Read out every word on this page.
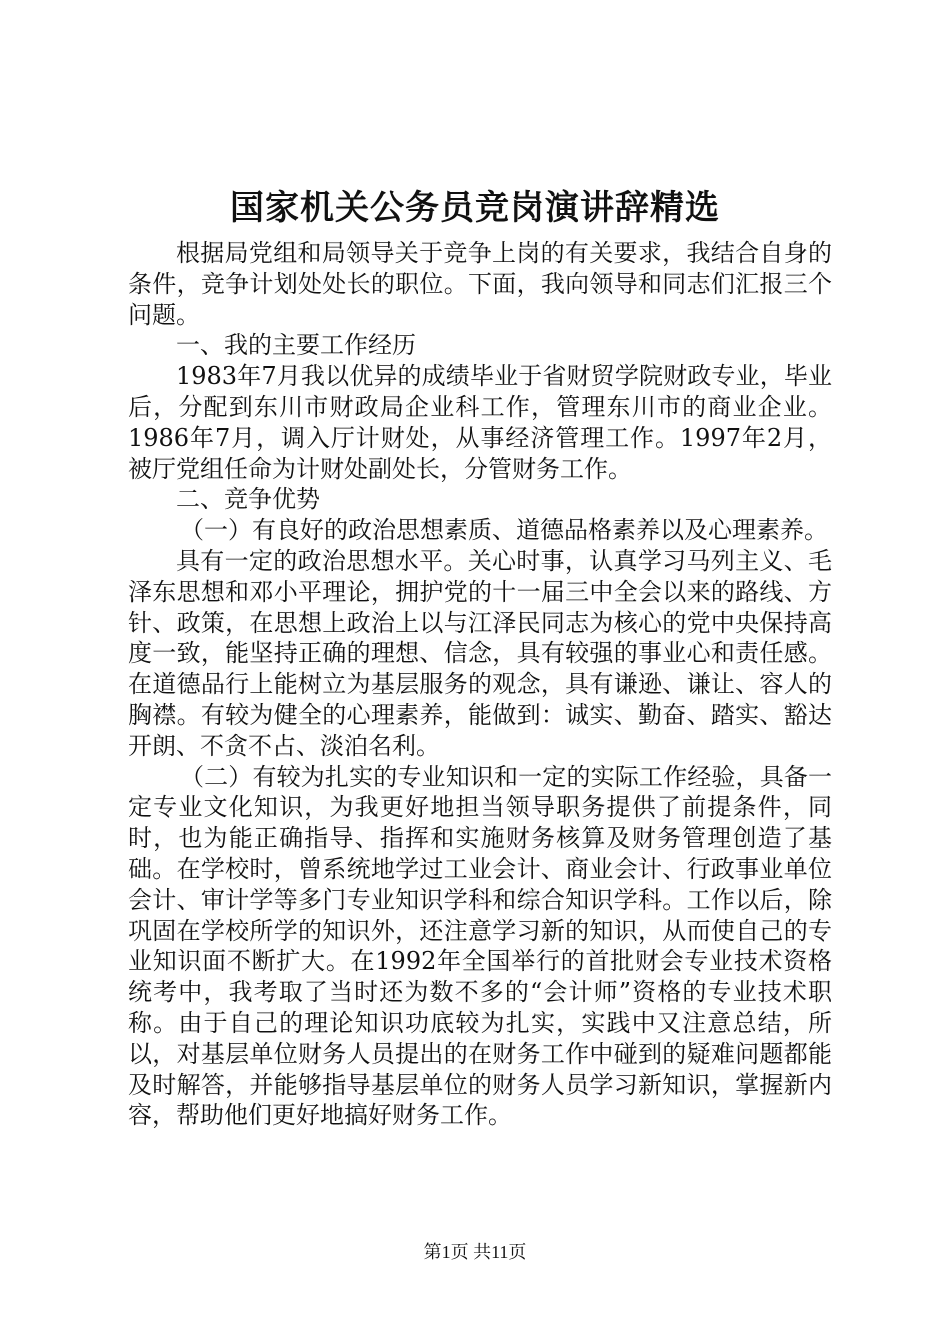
国家机关公务员竞岗演讲辞精选

根据局党组和局领导关于竞争上岗的有关要求，我结合自身的条件，竞争计划处处长的职位。下面，我向领导和同志们汇报三个问题。

一、我的主要工作经历

1983年7月我以优异的成绩毕业于省财贸学院财政专业，毕业后，分配到东川市财政局企业科工作，管理东川市的商业企业。1986年7月，调入厅计财处，从事经济管理工作。1997年2月，被厅党组任命为计财处副处长，分管财务工作。

二、竞争优势

（一）有良好的政治思想素质、道德品格素养以及心理素养。

具有一定的政治思想水平。关心时事，认真学习马列主义、毛泽东思想和邓小平理论，拥护党的十一届三中全会以来的路线、方针、政策，在思想上政治上以与江泽民同志为核心的党中央保持高度一致，能坚持正确的理想、信念，具有较强的事业心和责任感。在道德品行上能树立为基层服务的观念，具有谦逊、谦让、容人的胸襟。有较为健全的心理素养，能做到：诚实、勤奋、踏实、豁达开朗、不贪不占、淡泊名利。

（二）有较为扎实的专业知识和一定的实际工作经验，具备一定专业文化知识，为我更好地担当领导职务提供了前提条件，同时，也为能正确指导、指挥和实施财务核算及财务管理创造了基础。在学校时，曾系统地学过工业会计、商业会计、行政事业单位会计、审计学等多门专业知识学科和综合知识学科。工作以后，除巩固在学校所学的知识外，还注意学习新的知识，从而使自己的专业知识面不断扩大。在1992年全国举行的首批财会专业技术资格统考中，我考取了当时还为数不多的“会计师”资格的专业技术职称。由于自己的理论知识功底较为扎实，实践中又注意总结，所以，对基层单位财务人员提出的在财务工作中碰到的疑难问题都能及时解答，并能够指导基层单位的财务人员学习新知识，掌握新内容，帮助他们更好地搞好财务工作。

第1页 共11页
